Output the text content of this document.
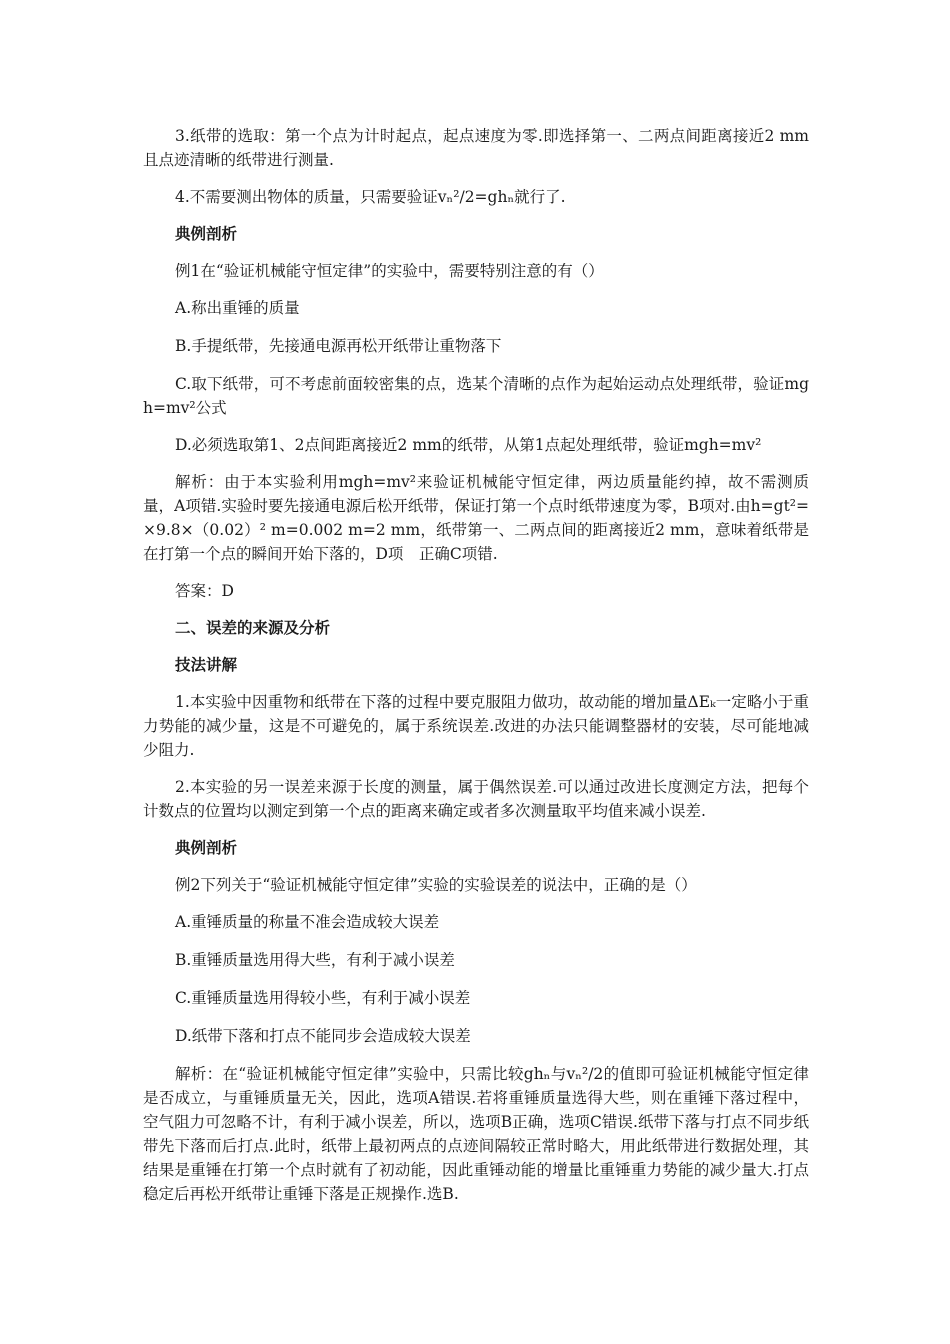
3.纸带的选取：第一个点为计时起点，起点速度为零.即选择第一、二两点间距离接近2 mm且点迹清晰的纸带进行测量.

4.不需要测出物体的质量，只需要验证vₙ²/2=ghₙ就行了.

典例剖析

例1在“验证机械能守恒定律”的实验中，需要特别注意的有（）

A.称出重锤的质量

B.手提纸带，先接通电源再松开纸带让重物落下

C.取下纸带，可不考虑前面较密集的点，选某个清晰的点作为起始运动点处理纸带，验证mgh=mv²公式

D.必须选取第1、2点间距离接近2 mm的纸带，从第1点起处理纸带，验证mgh=mv²

解析：由于本实验利用mgh=mv²来验证机械能守恒定律，两边质量能约掉，故不需测质量，A项错.实验时要先接通电源后松开纸带，保证打第一个点时纸带速度为零，B项对.由h=gt²=×9.8×（0.02）² m=0.002 m=2 mm，纸带第一、二两点间的距离接近2 mm，意味着纸带是在打第一个点的瞬间开始下落的，D项　正确C项错.

答案：D

二、误差的来源及分析

技法讲解

1.本实验中因重物和纸带在下落的过程中要克服阻力做功，故动能的增加量ΔEₖ一定略小于重力势能的减少量，这是不可避免的，属于系统误差.改进的办法只能调整器材的安装，尽可能地减少阻力.

2.本实验的另一误差来源于长度的测量，属于偶然误差.可以通过改进长度测定方法，把每个计数点的位置均以测定到第一个点的距离来确定或者多次测量取平均值来减小误差.

典例剖析

例2下列关于“验证机械能守恒定律”实验的实验误差的说法中，正确的是（）

A.重锤质量的称量不准会造成较大误差

B.重锤质量选用得大些，有利于减小误差

C.重锤质量选用得较小些，有利于减小误差

D.纸带下落和打点不能同步会造成较大误差

解析：在“验证机械能守恒定律”实验中，只需比较ghₙ与vₙ²/2的值即可验证机械能守恒定律是否成立，与重锤质量无关，因此，选项A错误.若将重锤质量选得大些，则在重锤下落过程中，空气阻力可忽略不计，有利于减小误差，所以，选项B正确，选项C错误.纸带下落与打点不同步纸带先下落而后打点.此时，纸带上最初两点的点迹间隔较正常时略大，用此纸带进行数据处理，其结果是重锤在打第一个点时就有了初动能，因此重锤动能的增量比重锤重力势能的减少量大.打点稳定后再松开纸带让重锤下落是正规操作.选B.
